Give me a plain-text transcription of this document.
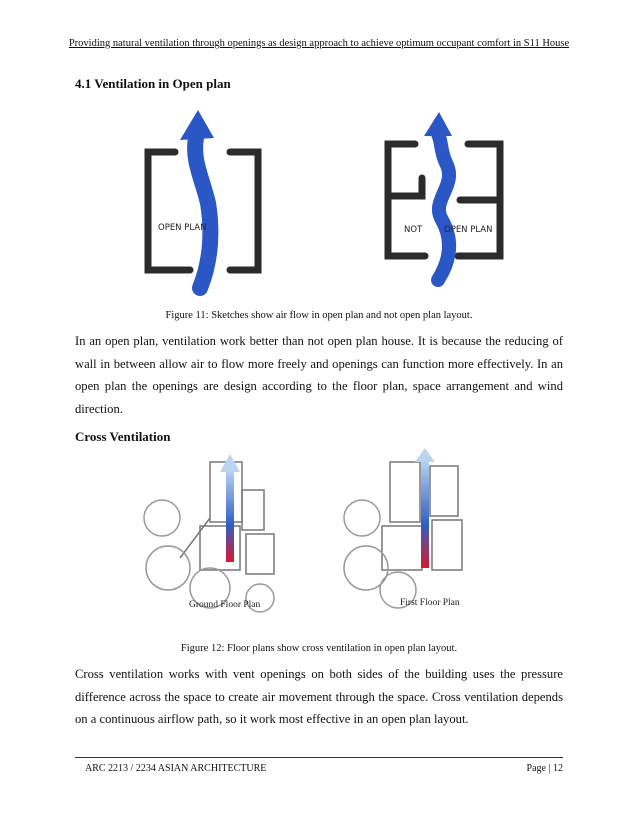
Providing natural ventilation through openings as design approach to achieve optimum occupant comfort in S11 House
4.1 Ventilation in Open plan
OPEN PLAN	NOT	OPEN PLAN
Figure 11: Sketches show air flow in open plan and not open plan layout.
In an open plan, ventilation work better than not open plan house. It is because the reducing of wall in between allow air to flow more freely and openings can function more effectively. In an open plan the openings are design according to the floor plan, space arrangement and wind direction.
Cross Ventilation
Ground Floor Plan	First Floor Plan
Figure 12: Floor plans show cross ventilation in open plan layout.
Cross ventilation works with vent openings on both sides of the building uses the pressure difference across the space to create air movement through the space. Cross ventilation depends on a continuous airflow path, so it work most effective in an open plan layout.
ARC 2213 / 2234 ASIAN ARCHITECTURE	Page | 12
